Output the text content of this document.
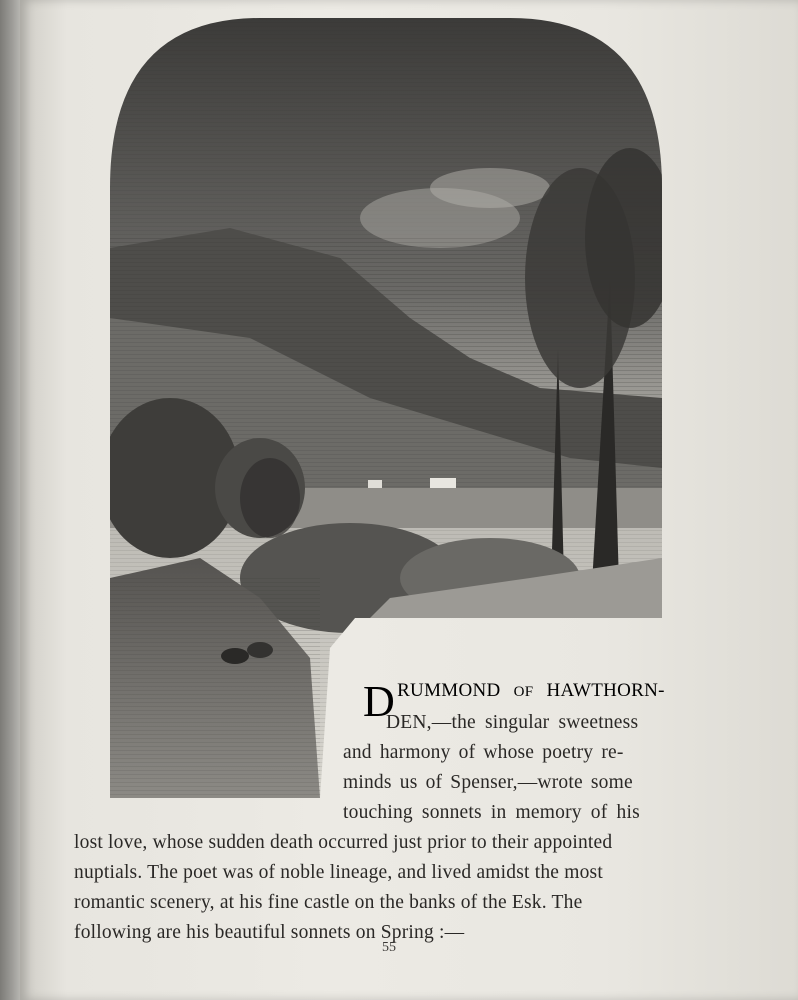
DRUMMOND OF HAWTHORN-
DEN,—the singular sweetness
and harmony of whose poetry re-
minds us of Spenser,—wrote some
touching sonnets in memory of his
lost love, whose sudden death occurred just prior to their appointed
nuptials. The poet was of noble lineage, and lived amidst the most
romantic scenery, at his fine castle on the banks of the Esk. The
following are his beautiful sonnets on Spring :—
55
